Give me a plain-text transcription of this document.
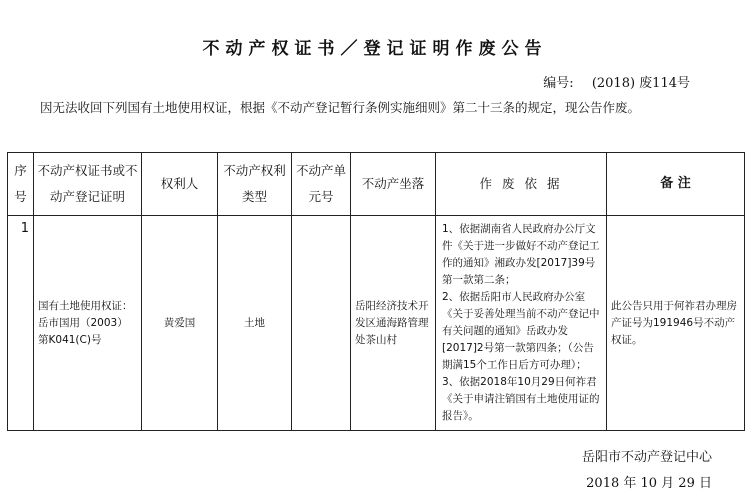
不动产权证书／登记证明作废公告
编号: (2018) 废114号
因无法收回下列国有土地使用权证，根据《不动产登记暂行条例实施细则》第二十三条的规定，现公告作废。
序号	不动产权证书或不动产登记证明	权利人	不动产权利类型	不动产单元号	不动产坐落	作 废 依 据	备 注
1	国有土地使用权证：岳市国用（2003）第K041(C)号	黄爱国	土地		岳阳经济技术开发区通海路管理处茶山村	1、依据湖南省人民政府办公厅文件《关于进一步做好不动产登记工作的通知》湘政办发[2017]39号第一款第二条；
2、依据岳阳市人民政府办公室《关于妥善处理当前不动产登记中有关问题的通知》岳政办发[2017]2号第一款第四条；（公告期满15个工作日后方可办理）；
3、依据2018年10月29日何祚君《关于申请注销国有土地使用证的报告》。	此公告只用于何祚君办理房产证号为191946号不动产权证。
岳阳市不动产登记中心
2018 年 10 月 29 日
